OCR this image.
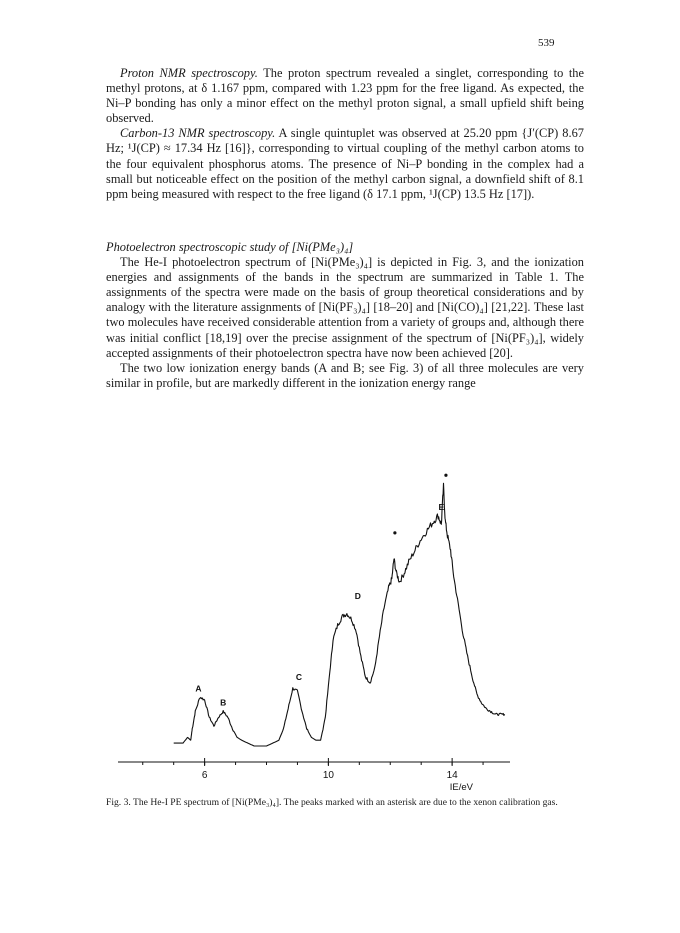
539

Proton NMR spectroscopy. The proton spectrum revealed a singlet, corresponding to the methyl protons, at δ 1.167 ppm, compared with 1.23 ppm for the free ligand. As expected, the Ni–P bonding has only a minor effect on the methyl proton signal, a small upfield shift being observed.

Carbon-13 NMR spectroscopy. A single quintuplet was observed at 25.20 ppm {J′(CP) 8.67 Hz; ¹J(CP) ≈ 17.34 Hz [16]}, corresponding to virtual coupling of the methyl carbon atoms to the four equivalent phosphorus atoms. The presence of Ni–P bonding in the complex had a small but noticeable effect on the position of the methyl carbon signal, a downfield shift of 8.1 ppm being measured with respect to the free ligand (δ 17.1 ppm, ¹J(CP) 13.5 Hz [17]).

Photoelectron spectroscopic study of [Ni(PMe₃)₄]

The He-I photoelectron spectrum of [Ni(PMe₃)₄] is depicted in Fig. 3, and the ionization energies and assignments of the bands in the spectrum are summarized in Table 1. The assignments of the spectra were made on the basis of group theoretical considerations and by analogy with the literature assignments of [Ni(PF₃)₄] [18–20] and [Ni(CO)₄] [21,22]. These last two molecules have received considerable attention from a variety of groups and, although there was initial conflict [18,19] over the precise assignment of the spectrum of [Ni(PF₃)₄], widely accepted assignments of their photoelectron spectra have now been achieved [20].

The two low ionization energy bands (A and B; see Fig. 3) of all three molecules are very similar in profile, but are markedly different in the ionization energy range

6	10	14
IE/eV
A
B
C
D
E
Fig. 3. The He-I PE spectrum of [Ni(PMe₃)₄]. The peaks marked with an asterisk are due to the xenon calibration gas.
